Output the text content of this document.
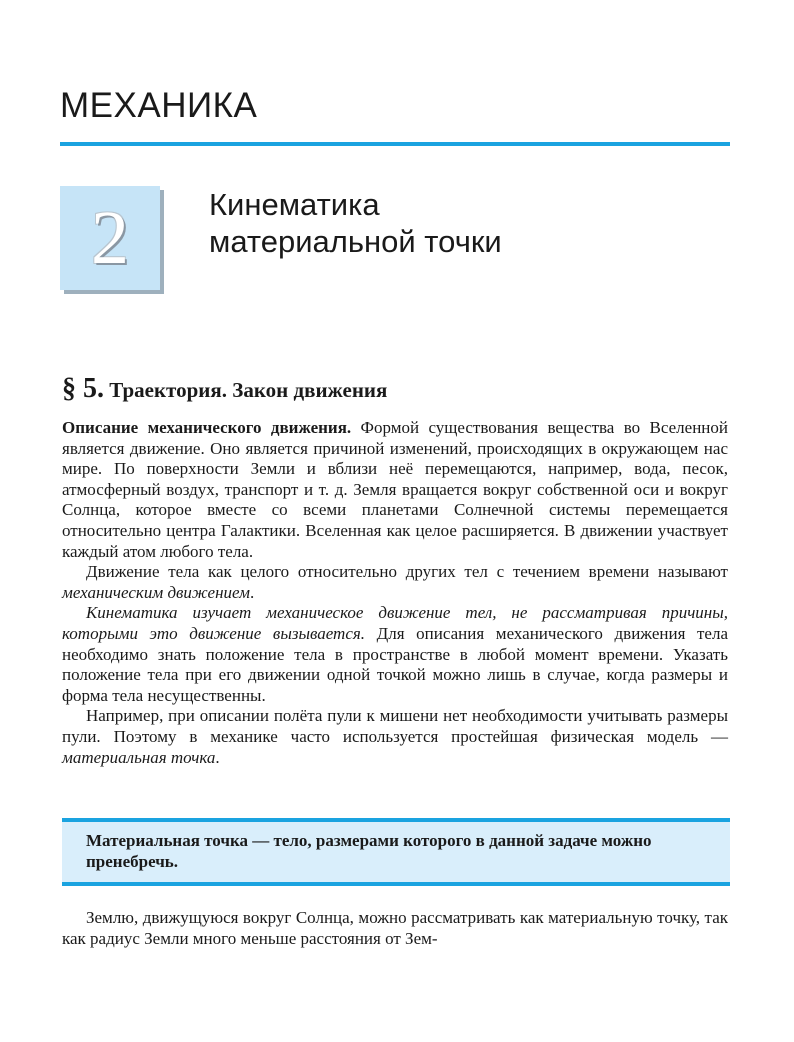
МЕХАНИКА
2	Кинематика
материальной точки
§ 5. Траектория. Закон движения

Описание механического движения. Формой существования вещества во Вселенной является движение. Оно является причиной изменений, происходящих в окружающем нас мире. По поверхности Земли и вблизи неё перемещаются, например, вода, песок, атмосферный воздух, транспорт и т. д. Земля вращается вокруг собственной оси и вокруг Солнца, которое вместе со всеми планетами Солнечной системы перемещается относительно центра Галактики. Вселенная как целое расширяется. В движении участвует каждый атом любого тела.

Движение тела как целого относительно других тел с течением времени называют механическим движением.

Кинематика изучает механическое движение тел, не рассматривая причины, которыми это движение вызывается. Для описания механического движения тела необходимо знать положение тела в пространстве в любой момент времени. Указать положение тела при его движении одной точкой можно лишь в случае, когда размеры и форма тела несущественны.

Например, при описании полёта пули к мишени нет необходимости учитывать размеры пули. Поэтому в механике часто используется простейшая физическая модель — материальная точка.

Материальная точка — тело, размерами которого в данной задаче можно пренебречь.

Землю, движущуюся вокруг Солнца, можно рассматривать как материальную точку, так как радиус Земли много меньше расстояния от Зем-
